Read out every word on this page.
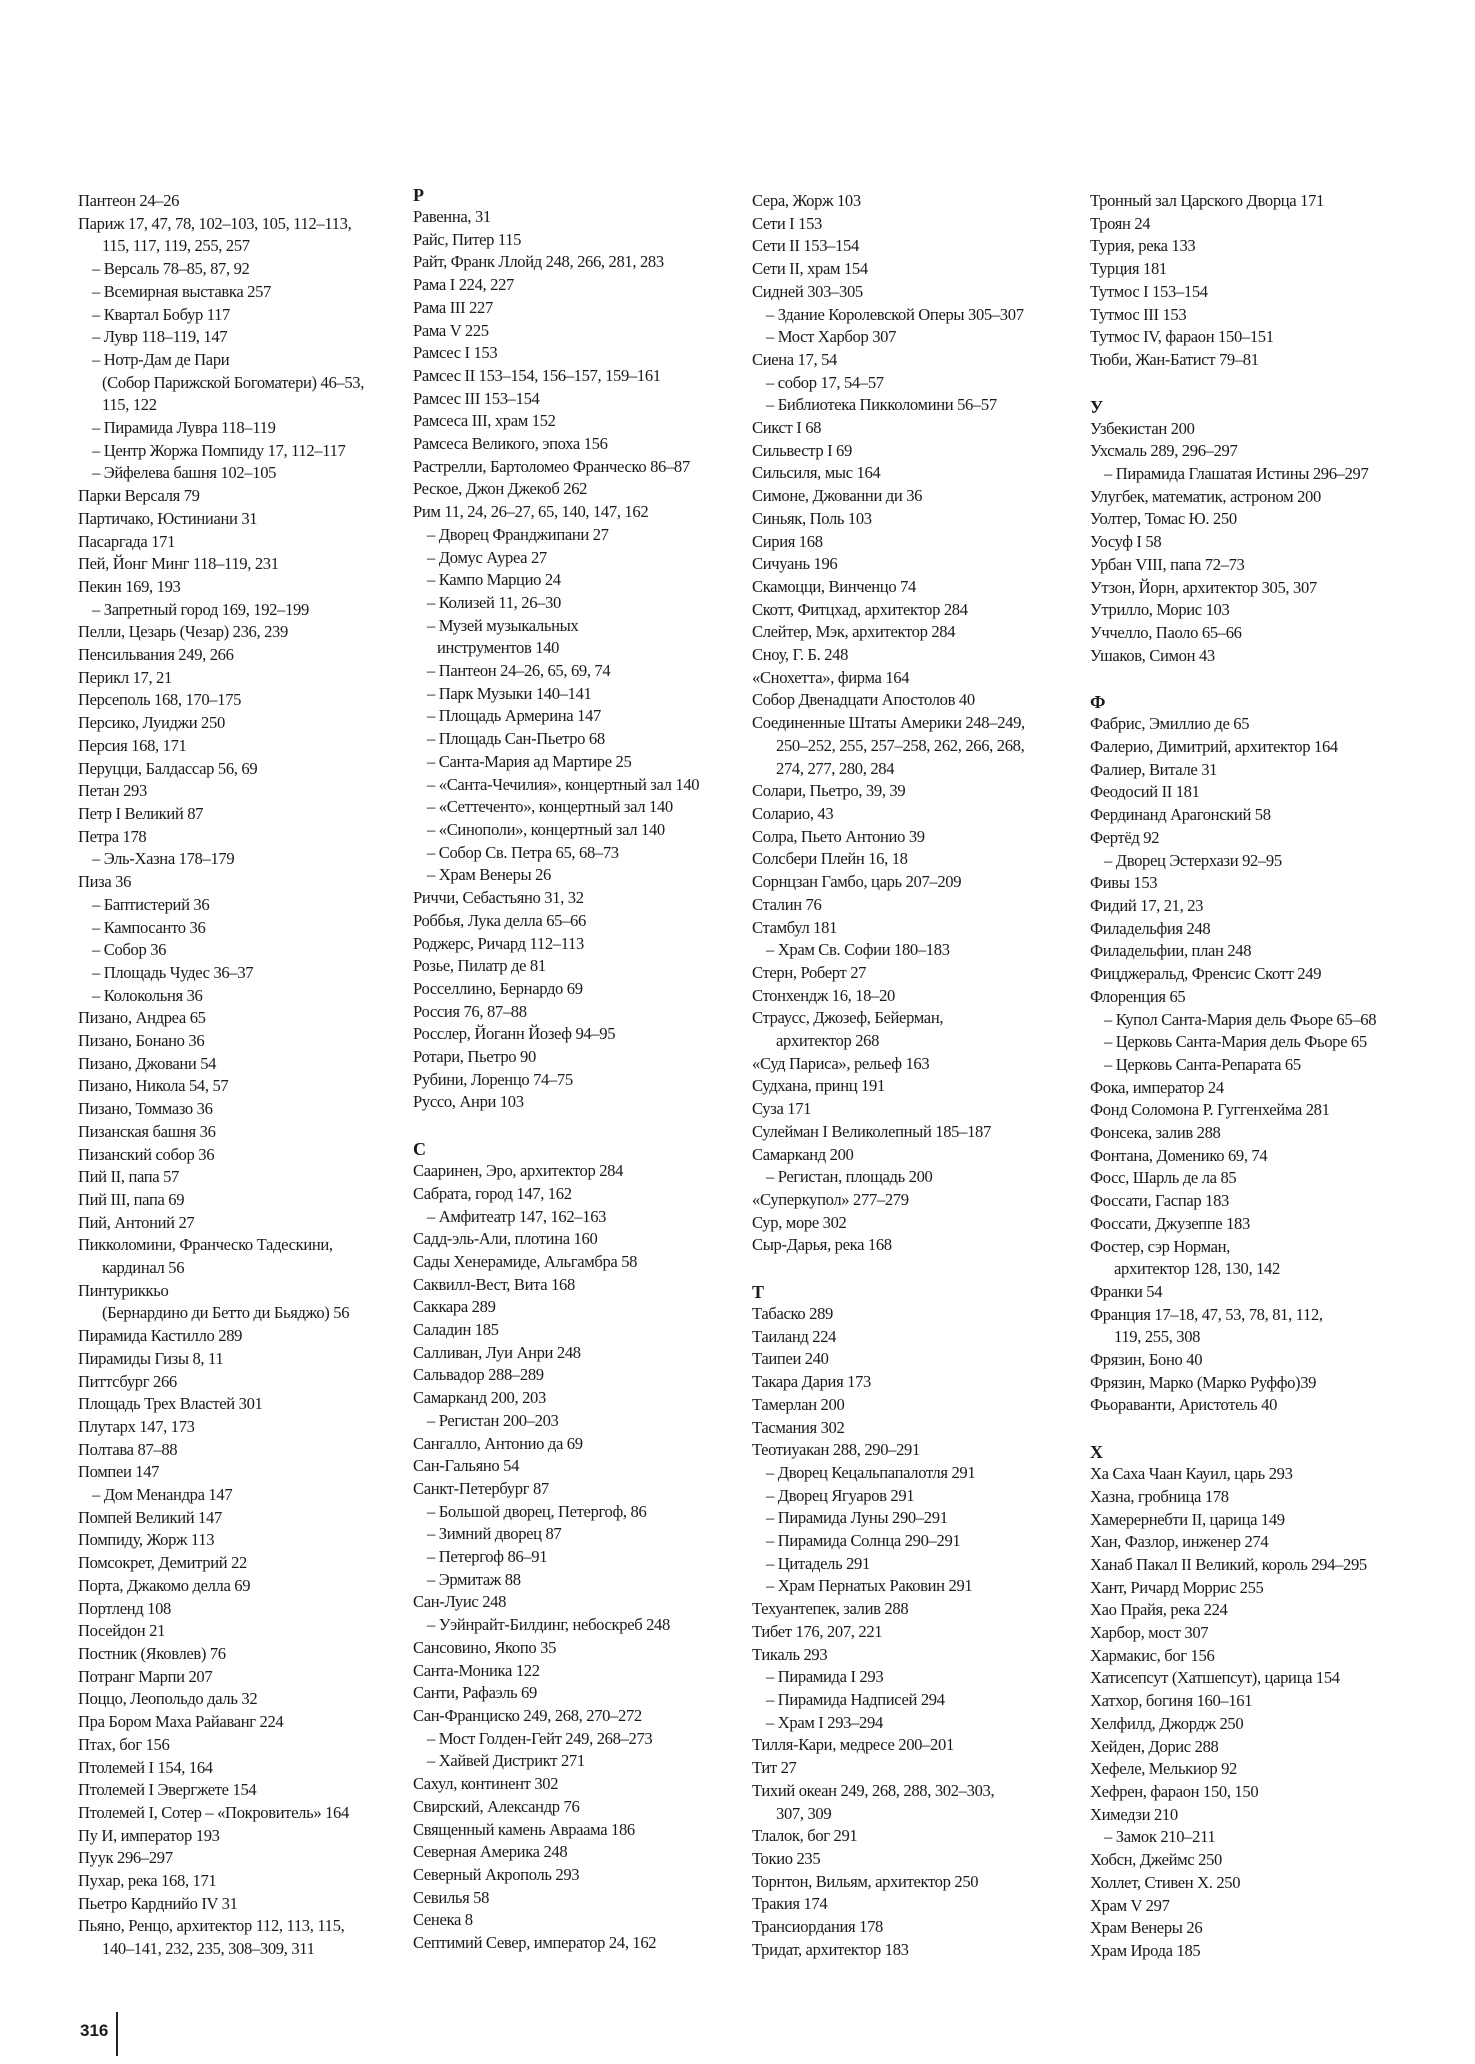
Пантеон 24–26
Париж 17, 47, 78, 102–103, 105, 112–113,
115, 117, 119, 255, 257
– Версаль 78–85, 87, 92
– Всемирная выставка 257
– Квартал Бобур 117
– Лувр 118–119, 147
– Нотр-Дам де Пари
(Собор Парижской Богоматери) 46–53,
115, 122
– Пирамида Лувра 118–119
– Центр Жоржа Помпиду 17, 112–117
– Эйфелева башня 102–105
Парки Версаля 79
Партичако, Юстиниани 31
Пасаргада 171
Пей, Йонг Минг 118–119, 231
Пекин 169, 193
– Запретный город 169, 192–199
Пелли, Цезарь (Чезар) 236, 239
Пенсильвания 249, 266
Перикл 17, 21
Персеполь 168, 170–175
Персико, Луиджи 250
Персия 168, 171
Перуцци, Балдассар 56, 69
Петан 293
Петр I Великий 87
Петра 178
– Эль-Хазна 178–179
Пиза 36
– Баптистерий 36
– Кампосанто 36
– Собор 36
– Площадь Чудес 36–37
– Колокольня 36
Пизано, Андреа 65
Пизано, Бонано 36
Пизано, Джовани 54
Пизано, Никола 54, 57
Пизано, Томмазо 36
Пизанская башня 36
Пизанский собор 36
Пий II, папа 57
Пий III, папа 69
Пий, Антоний 27
Пикколомини, Франческо Тадескини,
кардинал 56
Пинтуриккьо
(Бернардино ди Бетто ди Бьяджо) 56
Пирамида Кастилло 289
Пирамиды Гизы 8, 11
Питтсбург 266
Площадь Трех Властей 301
Плутарх 147, 173
Полтава 87–88
Помпеи 147
– Дом Менандра 147
Помпей Великий 147
Помпиду, Жорж 113
Помсокрет, Демитрий 22
Порта, Джакомо делла 69
Портленд 108
Посейдон 21
Постник (Яковлев) 76
Потранг Марпи 207
Поццо, Леопольдо даль 32
Пра Бором Маха Райаванг 224
Птах, бог 156
Птолемей I 154, 164
Птолемей I Эвергжете 154
Птолемей I, Сотер – «Покровитель» 164
Пу И, император 193
Пуук 296–297
Пухар, река 168, 171
Пьетро Карднийо IV 31
Пьяно, Ренцо, архитектор 112, 113, 115,
140–141, 232, 235, 308–309, 311
Р
Равенна, 31
Райс, Питер 115
Райт, Франк Ллойд 248, 266, 281, 283
Рама I 224, 227
Рама III 227
Рама V 225
Рамсес I 153
Рамсес II 153–154, 156–157, 159–161
Рамсес III 153–154
Рамсеса III, храм 152
Рамсеса Великого, эпоха 156
Растрелли, Бартоломео Франческо 86–87
Реское, Джон Джекоб 262
Рим 11, 24, 26–27, 65, 140, 147, 162
– Дворец Франджипани 27
– Домус Ауреа 27
– Кампо Марцио 24
– Колизей 11, 26–30
– Музей музыкальных
инструментов 140
– Пантеон 24–26, 65, 69, 74
– Парк Музыки 140–141
– Площадь Армерина 147
– Площадь Сан-Пьетро 68
– Санта-Мария ад Мартире 25
– «Санта-Чечилия», концертный зал 140
– «Сеттеченто», концертный зал 140
– «Синополи», концертный зал 140
– Собор Св. Петра 65, 68–73
– Храм Венеры 26
Риччи, Себастьяно 31, 32
Роббья, Лука делла 65–66
Роджерс, Ричард 112–113
Розье, Пилатр де 81
Росселлино, Бернардо 69
Россия 76, 87–88
Росслер, Йоганн Йозеф 94–95
Ротари, Пьетро 90
Рубини, Лоренцо 74–75
Руссо, Анри 103
С
Сааринен, Эро, архитектор 284
Сабрата, город 147, 162
– Амфитеатр 147, 162–163
Садд-эль-Али, плотина 160
Сады Хенерамиде, Альгамбра 58
Саквилл-Вест, Вита 168
Саккара 289
Саладин 185
Салливан, Луи Анри 248
Сальвадор 288–289
Самарканд 200, 203
– Регистан 200–203
Сангалло, Антонио да 69
Сан-Гальяно 54
Санкт-Петербург 87
– Большой дворец, Петергоф, 86
– Зимний дворец 87
– Петергоф 86–91
– Эрмитаж 88
Сан-Луис 248
– Уэйнрайт-Билдинг, небоскреб 248
Сансовино, Якопо 35
Санта-Моника 122
Санти, Рафаэль 69
Сан-Франциско 249, 268, 270–272
– Мост Голден-Гейт 249, 268–273
– Хайвей Дистрикт 271
Сахул, континент 302
Свирский, Александр 76
Священный камень Авраама 186
Северная Америка 248
Северный Акрополь 293
Севилья 58
Сенека 8
Септимий Север, император 24, 162
Сера, Жорж 103
Сети I 153
Сети II 153–154
Сети II, храм 154
Сидней 303–305
– Здание Королевской Оперы 305–307
– Мост Харбор 307
Сиена 17, 54
– собор 17, 54–57
– Библиотека Пикколомини 56–57
Сикст I 68
Сильвестр I 69
Сильсиля, мыс 164
Симоне, Джованни ди 36
Синьяк, Поль 103
Сирия 168
Сичуань 196
Скамоцци, Винченцо 74
Скотт, Фитцхад, архитектор 284
Слейтер, Мэк, архитектор 284
Сноу, Г. Б. 248
«Снохетта», фирма 164
Собор Двенадцати Апостолов 40
Соединенные Штаты Америки 248–249,
250–252, 255, 257–258, 262, 266, 268,
274, 277, 280, 284
Солари, Пьетро, 39, 39
Соларио, 43
Солра, Пьето Антонио 39
Солсбери Плейн 16, 18
Сорнцзан Гамбо, царь 207–209
Сталин 76
Стамбул 181
– Храм Св. Софии 180–183
Стерн, Роберт 27
Стонхендж 16, 18–20
Страусс, Джозеф, Бейерман,
архитектор 268
«Суд Париса», рельеф 163
Судхана, принц 191
Суза 171
Сулейман I Великолепный 185–187
Самарканд 200
– Регистан, площадь 200
«Суперкупол» 277–279
Сур, море 302
Сыр-Дарья, река 168
Т
Табаско 289
Таиланд 224
Таипеи 240
Такара Дария 173
Тамерлан 200
Тасмания 302
Теотиуакан 288, 290–291
– Дворец Кецальпапалотля 291
– Дворец Ягуаров 291
– Пирамида Луны 290–291
– Пирамида Солнца 290–291
– Цитадель 291
– Храм Пернатых Раковин 291
Техуантепек, залив 288
Тибет 176, 207, 221
Тикаль 293
– Пирамида I 293
– Пирамида Надписей 294
– Храм I 293–294
Тилля-Кари, медресе 200–201
Тит 27
Тихий океан 249, 268, 288, 302–303,
307, 309
Тлалок, бог 291
Токио 235
Торнтон, Вильям, архитектор 250
Тракия 174
Трансиордания 178
Тридат, архитектор 183
Тронный зал Царского Дворца 171
Троян 24
Турия, река 133
Турция 181
Тутмос I 153–154
Тутмос III 153
Тутмос IV, фараон 150–151
Тюби, Жан-Батист 79–81
У
Узбекистан 200
Ухсмаль 289, 296–297
– Пирамида Глашатая Истины 296–297
Улугбек, математик, астроном 200
Уолтер, Томас Ю. 250
Уосуф I 58
Урбан VIII, папа 72–73
Утзон, Йорн, архитектор 305, 307
Утрилло, Морис 103
Уччелло, Паоло 65–66
Ушаков, Симон 43
Ф
Фабрис, Эмиллио де 65
Фалерио, Димитрий, архитектор 164
Фалиер, Витале 31
Феодосий II 181
Фердинанд Арагонский 58
Фертёд 92
– Дворец Эстерхази 92–95
Фивы 153
Фидий 17, 21, 23
Филадельфия 248
Филадельфии, план 248
Фицджеральд, Френсис Скотт 249
Флоренция 65
– Купол Санта-Мария дель Фьоре 65–68
– Церковь Санта-Мария дель Фьоре 65
– Церковь Санта-Репарата 65
Фока, император 24
Фонд Соломона Р. Гуггенхейма 281
Фонсека, залив 288
Фонтана, Доменико 69, 74
Фосс, Шарль де ла 85
Фоссати, Гаспар 183
Фоссати, Джузеппе 183
Фостер, сэр Норман,
архитектор 128, 130, 142
Франки 54
Франция 17–18, 47, 53, 78, 81, 112,
119, 255, 308
Фрязин, Боно 40
Фрязин, Марко (Марко Руффо)39
Фьораванти, Аристотель 40
Х
Ха Саха Чаан Кауил, царь 293
Хазна, гробница 178
Хамерернебти II, царица 149
Хан, Фазлор, инженер 274
Ханаб Пакал II Великий, король 294–295
Хант, Ричард Моррис 255
Хао Прайя, река 224
Харбор, мост 307
Хармакис, бог 156
Хатисепсут (Хатшепсут), царица 154
Хатхор, богиня 160–161
Хелфилд, Джордж 250
Хейден, Дорис 288
Хефеле, Мелькиор 92
Хефрен, фараон 150, 150
Химедзи 210
– Замок 210–211
Хобсн, Джеймс 250
Холлет, Стивен Х. 250
Храм V 297
Храм Венеры 26
Храм Ирода 185
316
